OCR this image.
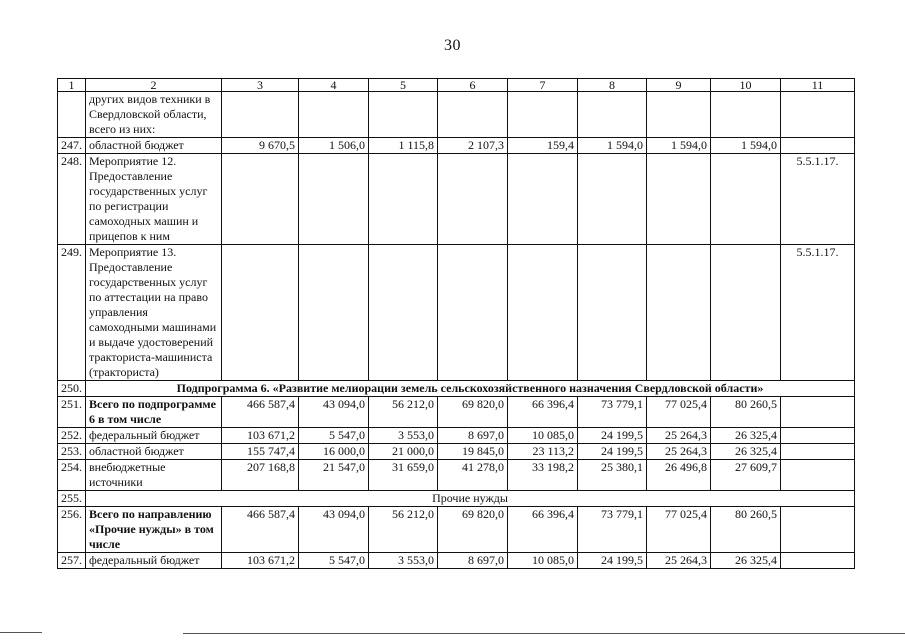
30
1	2	3	4	5	6	7	8	9	10	11
	других видов техники в Свердловской области, всего из них:									
247.	областной бюджет	9 670,5	1 506,0	1 115,8	2 107,3	159,4	1 594,0	1 594,0	1 594,0	
248.	Мероприятие 12. Предоставление государственных услуг по регистрации самоходных машин и прицепов к ним									5.5.1.17.
249.	Мероприятие 13. Предоставление государственных услуг по аттестации на право управления самоходными машинами и выдаче удостоверений тракториста-машиниста (тракториста)									5.5.1.17.
250.	Подпрограмма 6. «Развитие мелиорации земель сельскохозяйственного назначения Свердловской области»									
251.	Всего по подпрограмме 6 в том числе	466 587,4	43 094,0	56 212,0	69 820,0	66 396,4	73 779,1	77 025,4	80 260,5	
252.	федеральный бюджет	103 671,2	5 547,0	3 553,0	8 697,0	10 085,0	24 199,5	25 264,3	26 325,4	
253.	областной бюджет	155 747,4	16 000,0	21 000,0	19 845,0	23 113,2	24 199,5	25 264,3	26 325,4	
254.	внебюджетные источники	207 168,8	21 547,0	31 659,0	41 278,0	33 198,2	25 380,1	26 496,8	27 609,7	
255.	Прочие нужды									
256.	Всего по направлению «Прочие нужды» в том числе	466 587,4	43 094,0	56 212,0	69 820,0	66 396,4	73 779,1	77 025,4	80 260,5	
257.	федеральный бюджет	103 671,2	5 547,0	3 553,0	8 697,0	10 085,0	24 199,5	25 264,3	26 325,4	
